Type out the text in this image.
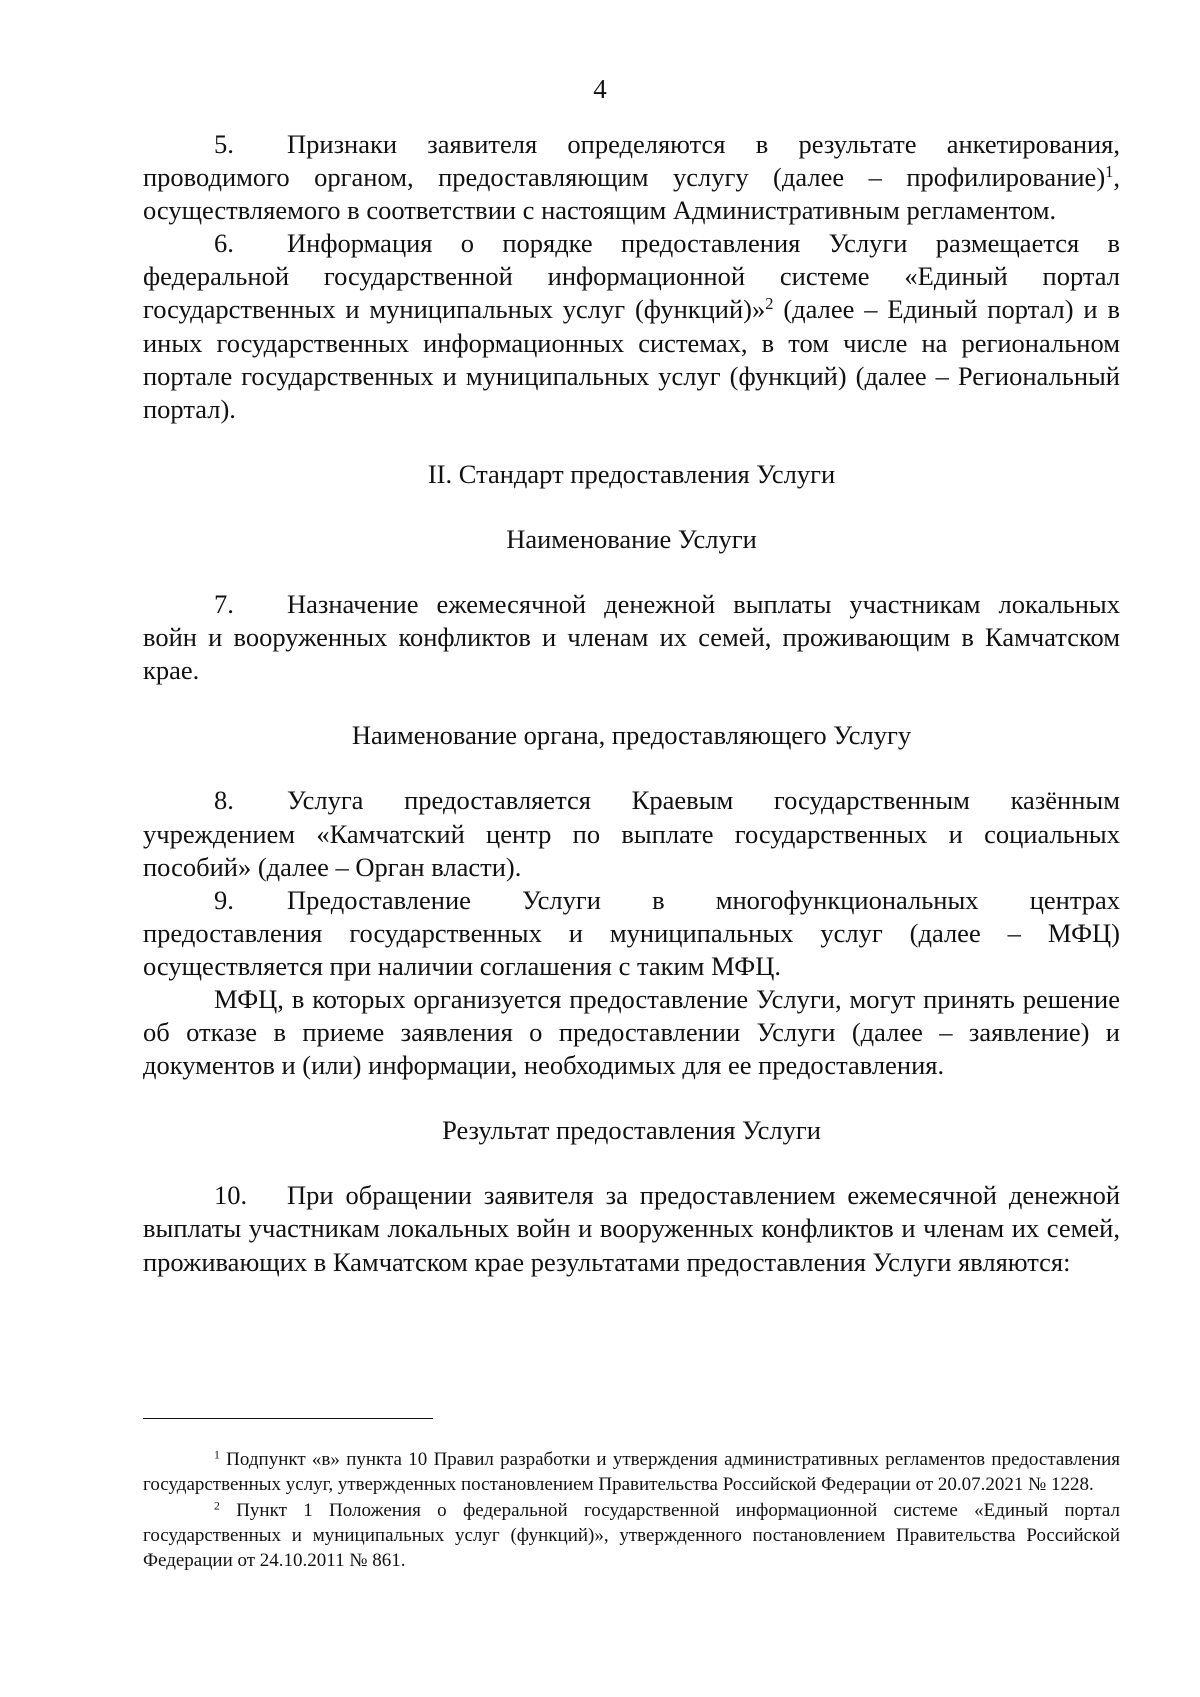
4

5. Признаки заявителя определяются в результате анкетирования, проводимого органом, предоставляющим услугу (далее – профилирование)$^1$, осуществляемого в соответствии с настоящим Административным регламентом.

6. Информация о порядке предоставления Услуги размещается в федеральной государственной информационной системе «Единый портал государственных и муниципальных услуг (функций)»$^2$ (далее – Единый портал) и в иных государственных информационных системах, в том числе на региональном портале государственных и муниципальных услуг (функций) (далее – Региональный портал).

II. Стандарт предоставления Услуги

Наименование Услуги

7. Назначение ежемесячной денежной выплаты участникам локальных войн и вооруженных конфликтов и членам их семей, проживающим в Камчатском крае.

Наименование органа, предоставляющего Услугу

8. Услуга предоставляется Краевым государственным казённым учреждением «Камчатский центр по выплате государственных и социальных пособий» (далее – Орган власти).

9. Предоставление Услуги в многофункциональных центрах предоставления государственных и муниципальных услуг (далее – МФЦ) осуществляется при наличии соглашения с таким МФЦ.

МФЦ, в которых организуется предоставление Услуги, могут принять решение об отказе в приеме заявления о предоставлении Услуги (далее – заявление) и документов и (или) информации, необходимых для ее предоставления.

Результат предоставления Услуги

10. При обращении заявителя за предоставлением ежемесячной денежной выплаты участникам локальных войн и вооруженных конфликтов и членам их семей, проживающих в Камчатском крае результатами предоставления Услуги являются:

$^1$ Подпункт «в» пункта 10 Правил разработки и утверждения административных регламентов предоставления государственных услуг, утвержденных постановлением Правительства Российской Федерации от 20.07.2021 № 1228.

$^2$ Пункт 1 Положения о федеральной государственной информационной системе «Единый портал государственных и муниципальных услуг (функций)», утвержденного постановлением Правительства Российской Федерации от 24.10.2011 № 861.
